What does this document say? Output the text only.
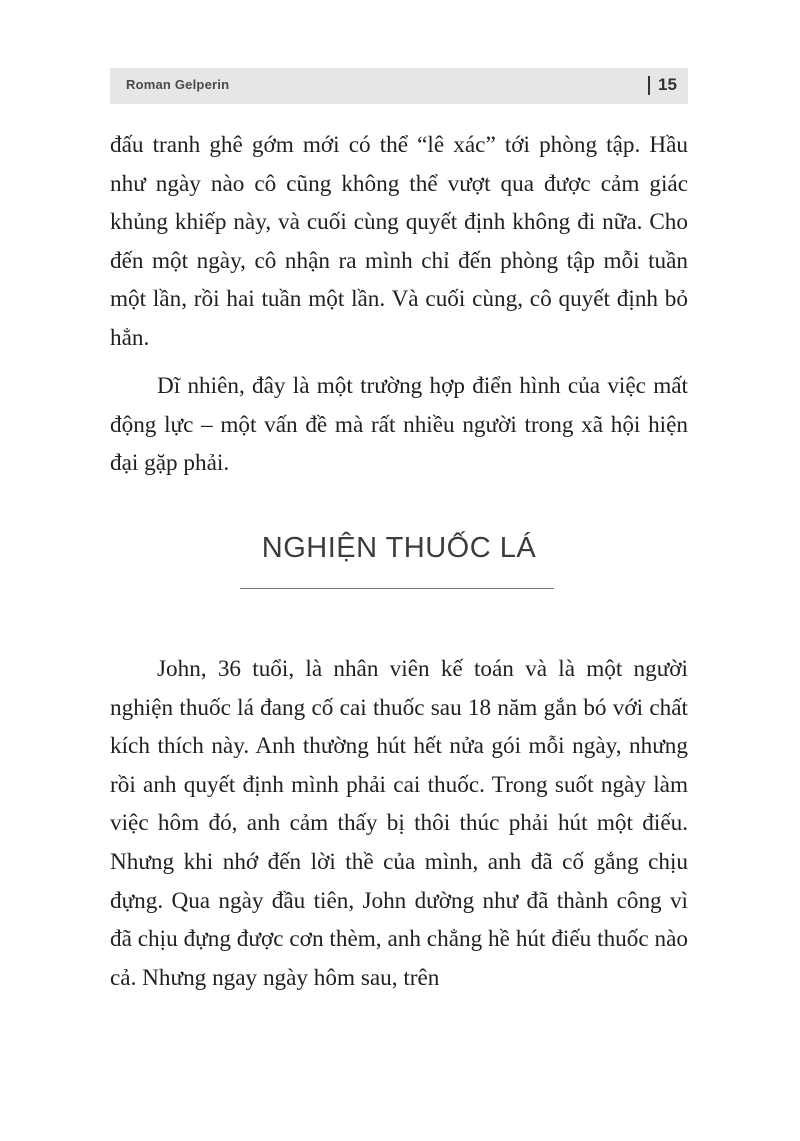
Roman Gelperin	15

đấu tranh ghê gớm mới có thể “lê xác” tới phòng tập. Hầu như ngày nào cô cũng không thể vượt qua được cảm giác khủng khiếp này, và cuối cùng quyết định không đi nữa. Cho đến một ngày, cô nhận ra mình chỉ đến phòng tập mỗi tuần một lần, rồi hai tuần một lần. Và cuối cùng, cô quyết định bỏ hẳn.

Dĩ nhiên, đây là một trường hợp điển hình của việc mất động lực – một vấn đề mà rất nhiều người trong xã hội hiện đại gặp phải.

NGHIỆN THUỐC LÁ

John, 36 tuổi, là nhân viên kế toán và là một người nghiện thuốc lá đang cố cai thuốc sau 18 năm gắn bó với chất kích thích này. Anh thường hút hết nửa gói mỗi ngày, nhưng rồi anh quyết định mình phải cai thuốc. Trong suốt ngày làm việc hôm đó, anh cảm thấy bị thôi thúc phải hút một điếu. Nhưng khi nhớ đến lời thề của mình, anh đã cố gắng chịu đựng. Qua ngày đầu tiên, John dường như đã thành công vì đã chịu đựng được cơn thèm, anh chẳng hề hút điếu thuốc nào cả. Nhưng ngay ngày hôm sau, trên
